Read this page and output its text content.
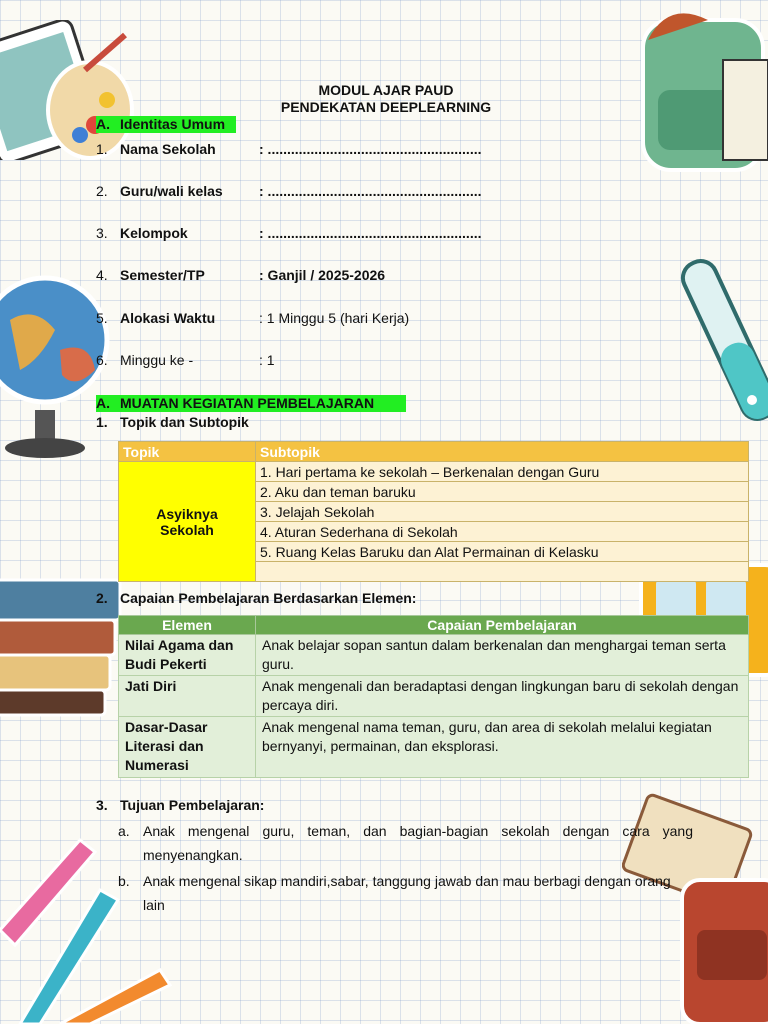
MODUL AJAR PAUD
PENDEKATAN DEEPLEARNING
A. Identitas Umum
1. Nama Sekolah	: .......................................................
2. Guru/wali kelas	: .......................................................
3. Kelompok	: .......................................................
4. Semester/TP	: Ganjil / 2025-2026
5. Alokasi Waktu	: 1 Minggu 5 (hari Kerja)
6. Minggu ke -	: 1
A. MUATAN KEGIATAN PEMBELAJARAN
1. Topik dan Subtopik
Topik	Subtopik

Asyiknya
Sekolah	1. Hari pertama ke sekolah – Berkenalan dengan Guru
	2. Aku dan teman baruku
	3. Jelajah Sekolah
	4. Aturan Sederhana di Sekolah
	5. Ruang Kelas Baruku dan Alat Permainan di Kelasku

2. Capaian Pembelajaran Berdasarkan Elemen:
Elemen	Capaian Pembelajaran
Nilai Agama dan Budi Pekerti	Anak belajar sopan santun dalam berkenalan dan menghargai teman serta guru.
Jati Diri	Anak mengenali dan beradaptasi dengan lingkungan baru di sekolah dengan percaya diri.
Dasar-Dasar Literasi dan Numerasi	Anak mengenal nama teman, guru, dan area di sekolah melalui kegiatan bernyanyi, permainan, dan eksplorasi.
3. Tujuan Pembelajaran:
a. Anak mengenal guru, teman, dan bagian-bagian sekolah dengan cara yang menyenangkan.
b. Anak mengenal sikap mandiri,sabar, tanggung jawab dan mau berbagi dengan orang lain
